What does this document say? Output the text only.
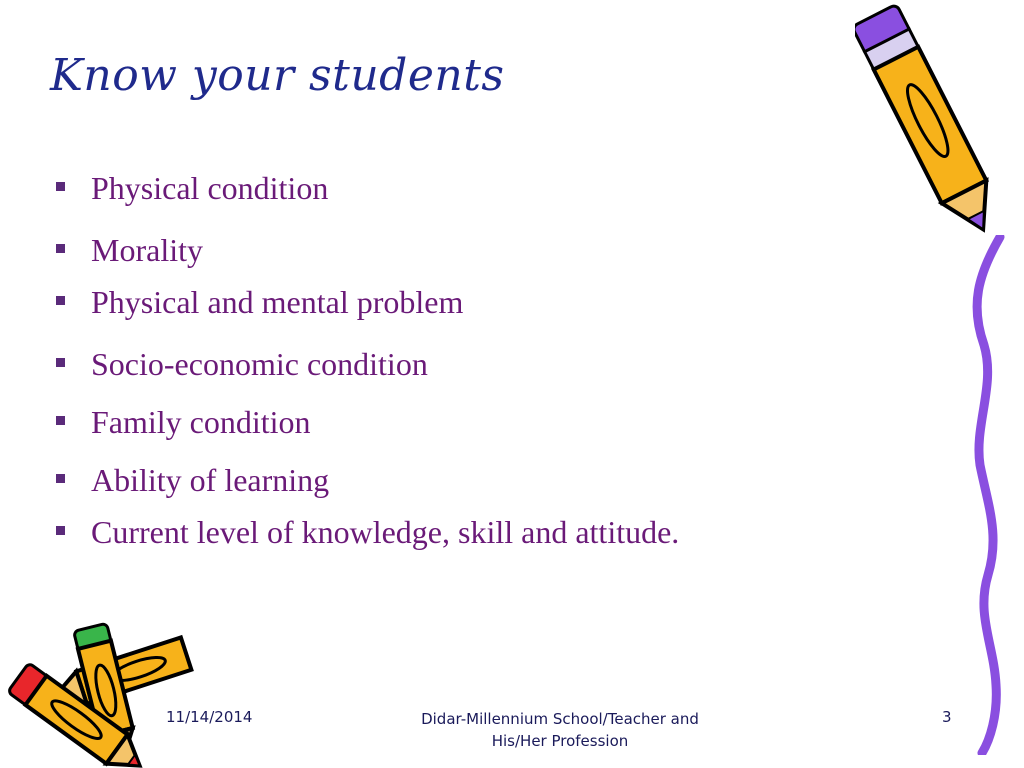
Know your students
Physical condition
Morality
Physical and mental problem
Socio-economic condition
Family condition
Ability of learning
Current level of knowledge, skill and attitude.
11/14/2014	Didar-Millennium School/Teacher and His/Her Profession
3
